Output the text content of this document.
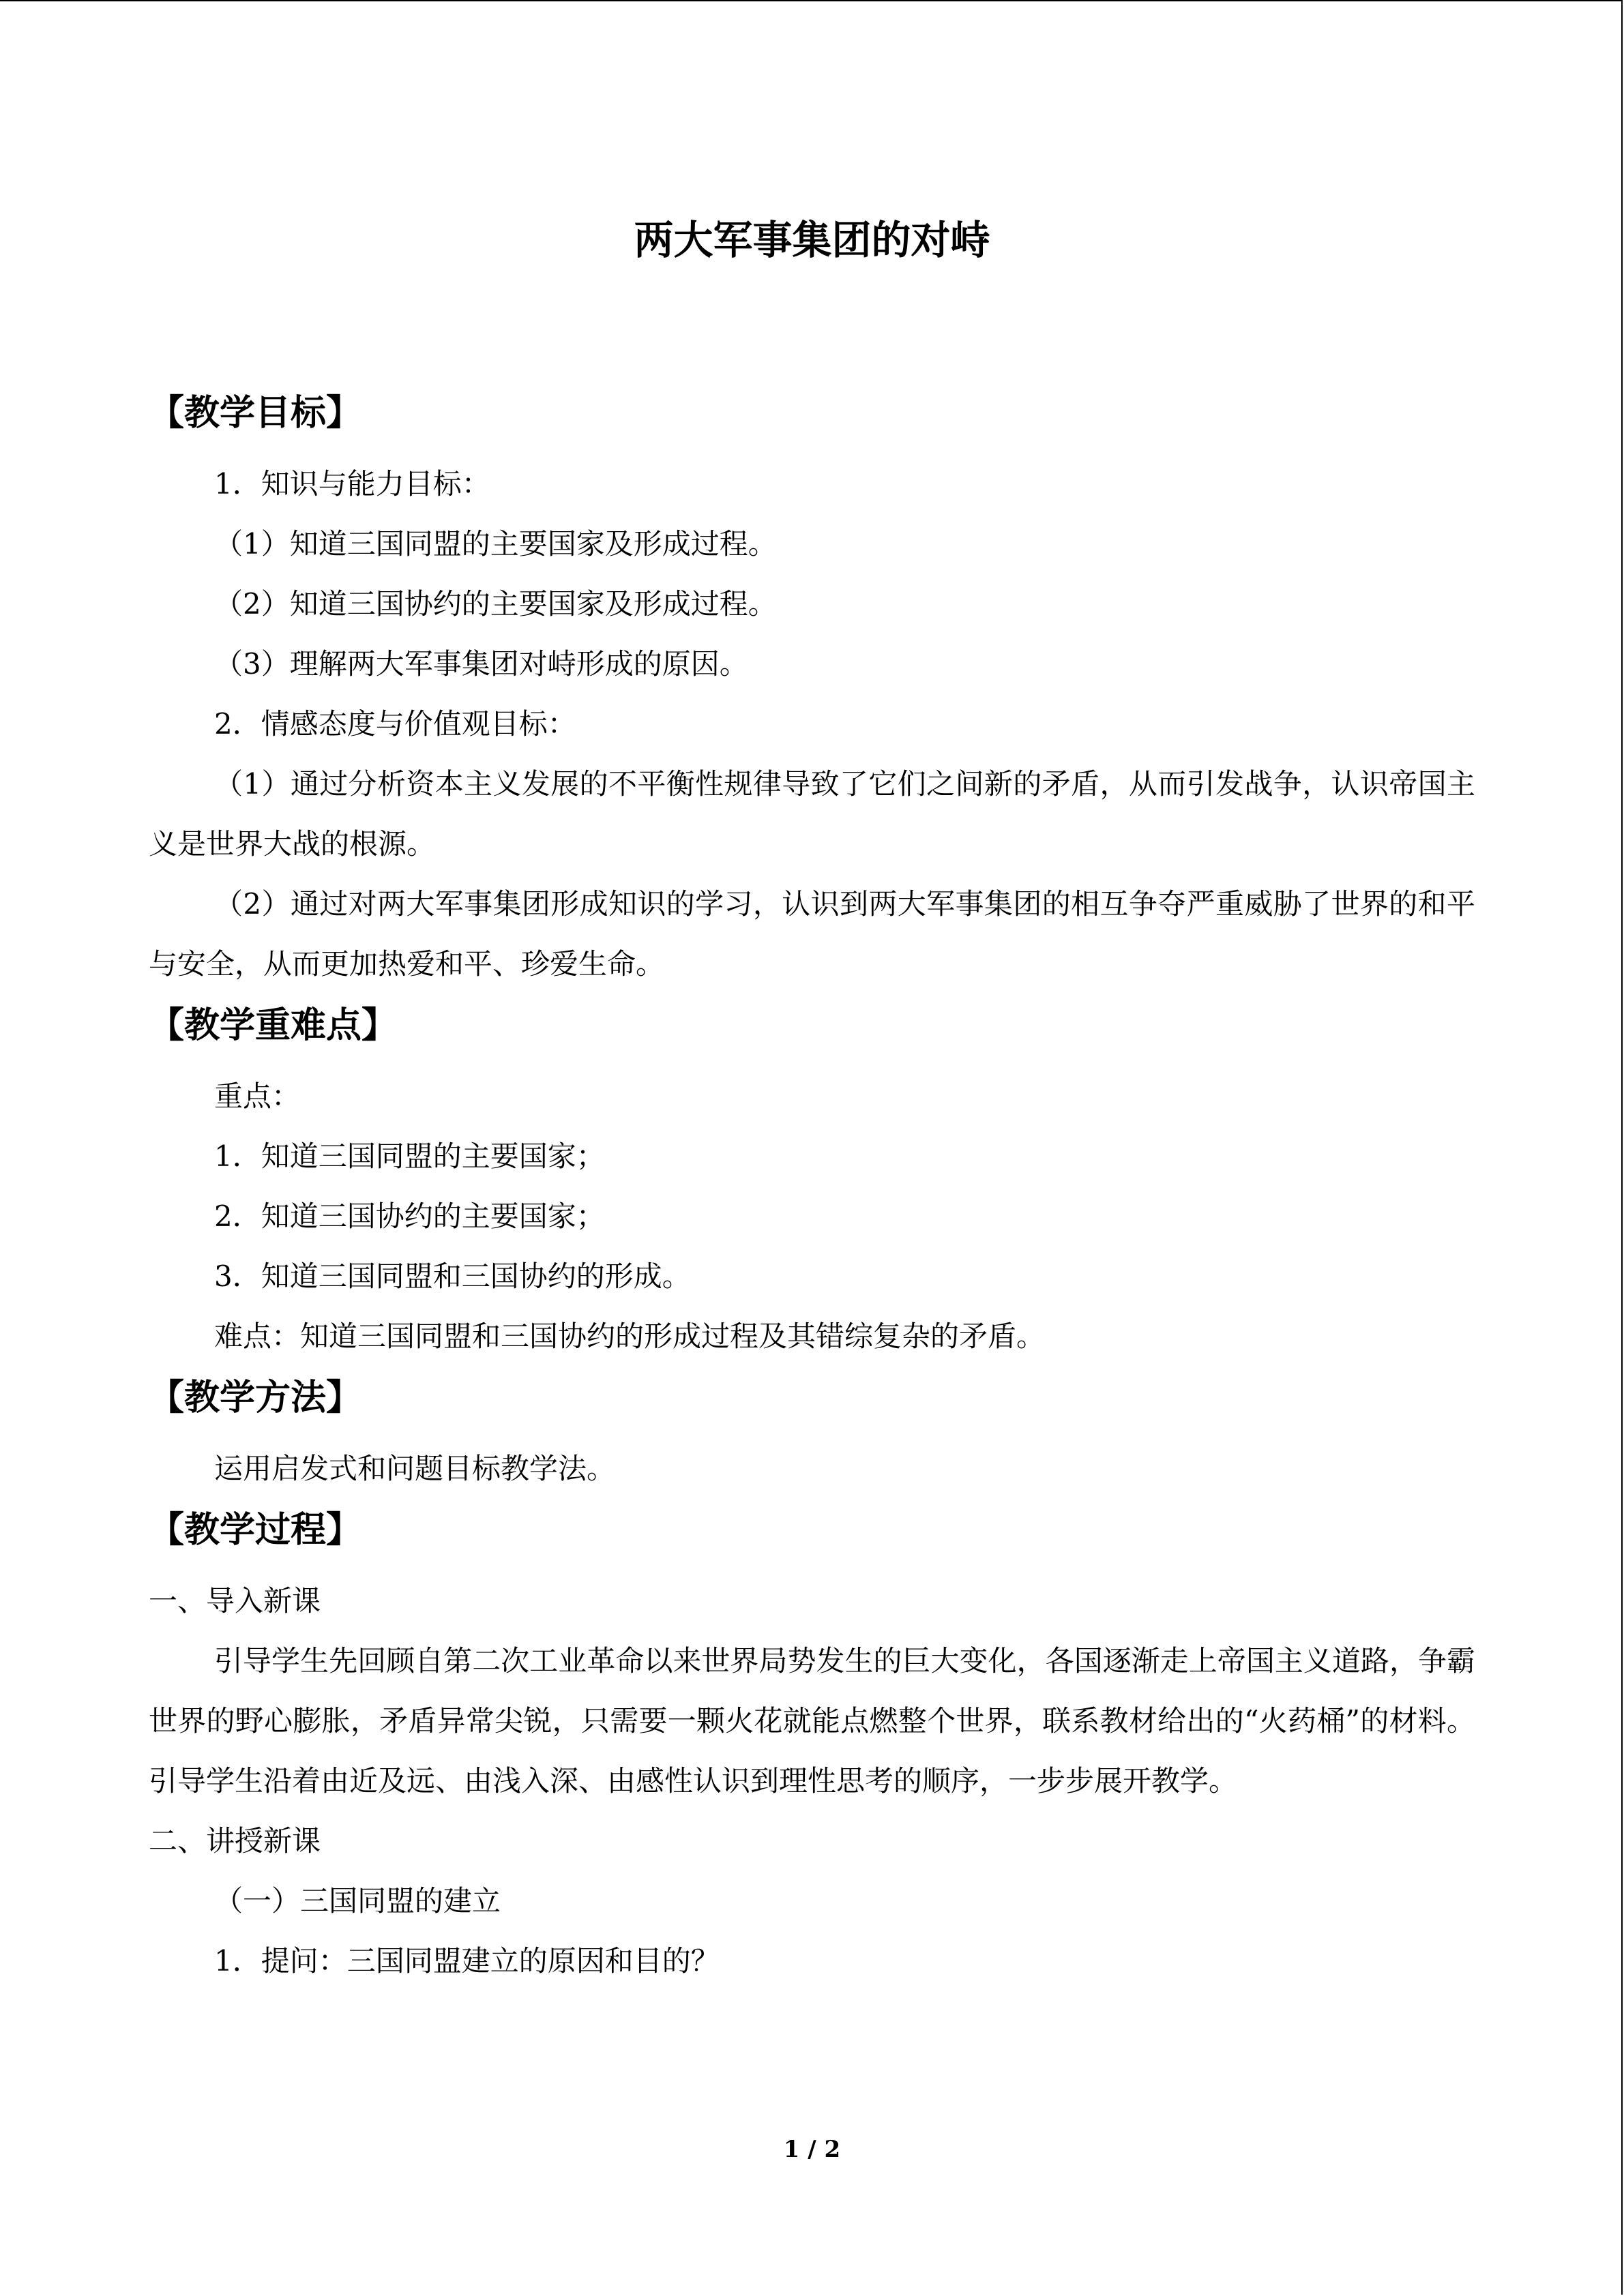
两大军事集团的对峙
【教学目标】

1．知识与能力目标：

（1）知道三国同盟的主要国家及形成过程。

（2）知道三国协约的主要国家及形成过程。

（3）理解两大军事集团对峙形成的原因。

2．情感态度与价值观目标：

（1）通过分析资本主义发展的不平衡性规律导致了它们之间新的矛盾，从而引发战争，认识帝国主义是世界大战的根源。

（2）通过对两大军事集团形成知识的学习，认识到两大军事集团的相互争夺严重威胁了世界的和平与安全，从而更加热爱和平、珍爱生命。

【教学重难点】

重点：

1．知道三国同盟的主要国家；

2．知道三国协约的主要国家；

3．知道三国同盟和三国协约的形成。

难点：知道三国同盟和三国协约的形成过程及其错综复杂的矛盾。

【教学方法】

运用启发式和问题目标教学法。

【教学过程】

一、导入新课

引导学生先回顾自第二次工业革命以来世界局势发生的巨大变化，各国逐渐走上帝国主义道路，争霸世界的野心膨胀，矛盾异常尖锐，只需要一颗火花就能点燃整个世界，联系教材给出的“火药桶”的材料。引导学生沿着由近及远、由浅入深、由感性认识到理性思考的顺序，一步步展开教学。

二、讲授新课

（一）三国同盟的建立

1．提问：三国同盟建立的原因和目的？

1 / 2
